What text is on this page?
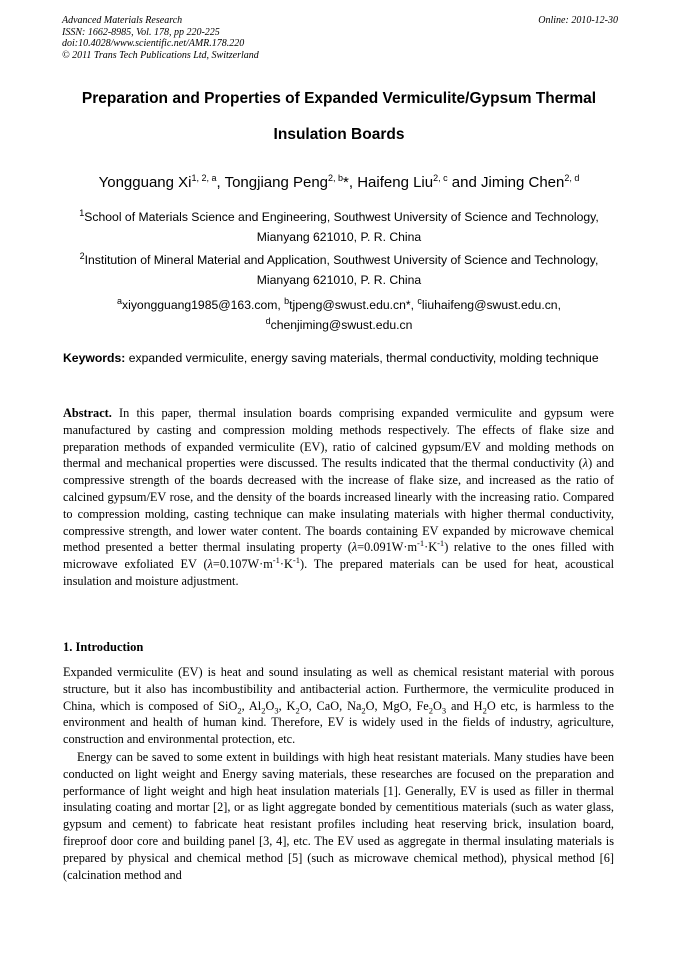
Advanced Materials Research
ISSN: 1662-8985, Vol. 178, pp 220-225
doi:10.4028/www.scientific.net/AMR.178.220
© 2011 Trans Tech Publications Ltd, Switzerland
Online: 2010-12-30
Preparation and Properties of Expanded Vermiculite/Gypsum Thermal
Insulation Boards
Yongguang Xi$^{1, 2, a}$, Tongjiang Peng$^{2, b}$*, Haifeng Liu$^{2, c}$ and Jiming Chen$^{2, d}$
$^1$School of Materials Science and Engineering, Southwest University of Science and Technology,
Mianyang 621010, P. R. China
$^2$Institution of Mineral Material and Application, Southwest University of Science and Technology,
Mianyang 621010, P. R. China
$^a$xiyongguang1985@163.com, $^b$tjpeng@swust.edu.cn*, $^c$liuhaifeng@swust.edu.cn,
$^d$chenjiming@swust.edu.cn
Keywords: expanded vermiculite, energy saving materials, thermal conductivity, molding technique
Abstract. In this paper, thermal insulation boards comprising expanded vermiculite and gypsum were manufactured by casting and compression molding methods respectively. The effects of flake size and preparation methods of expanded vermiculite (EV), ratio of calcined gypsum/EV and molding methods on thermal and mechanical properties were discussed. The results indicated that the thermal conductivity (λ) and compressive strength of the boards decreased with the increase of flake size, and increased as the ratio of calcined gypsum/EV rose, and the density of the boards increased linearly with the increasing ratio. Compared to compression molding, casting technique can make insulating materials with higher thermal conductivity, compressive strength, and lower water content. The boards containing EV expanded by microwave chemical method presented a better thermal insulating property $(\lambda=0.091W\cdot m^{-1}\cdot K^{-1})$ relative to the ones filled with microwave exfoliated EV $(\lambda=0.107W\cdot m^{-1}\cdot K^{-1})$. The prepared materials can be used for heat, acoustical insulation and moisture adjustment.
1. Introduction
Expanded vermiculite (EV) is heat and sound insulating as well as chemical resistant material with porous structure, but it also has incombustibility and antibacterial action. Furthermore, the vermiculite produced in China, which is composed of SiO$_2$, $Al_2O_3$, $K_2O$, CaO, $Na_2O$, MgO, $Fe_2O_3$ and $H_2O$ etc, is harmless to the environment and health of human kind. Therefore, EV is widely used in the fields of industry, agriculture, construction and environmental protection, etc.
Energy can be saved to some extent in buildings with high heat resistant materials. Many studies have been conducted on light weight and Energy saving materials, these researches are focused on the preparation and performance of light weight and high heat insulation materials [1]. Generally, EV is used as filler in thermal insulating coating and mortar [2], or as light aggregate bonded by cementitious materials (such as water glass, gypsum and cement) to fabricate heat resistant profiles including heat reserving brick, insulation board, fireproof door core and building panel [3, 4], etc. The EV used as aggregate in thermal insulating materials is prepared by physical and chemical method [5] (such as microwave chemical method), physical method [6] (calcination method and
